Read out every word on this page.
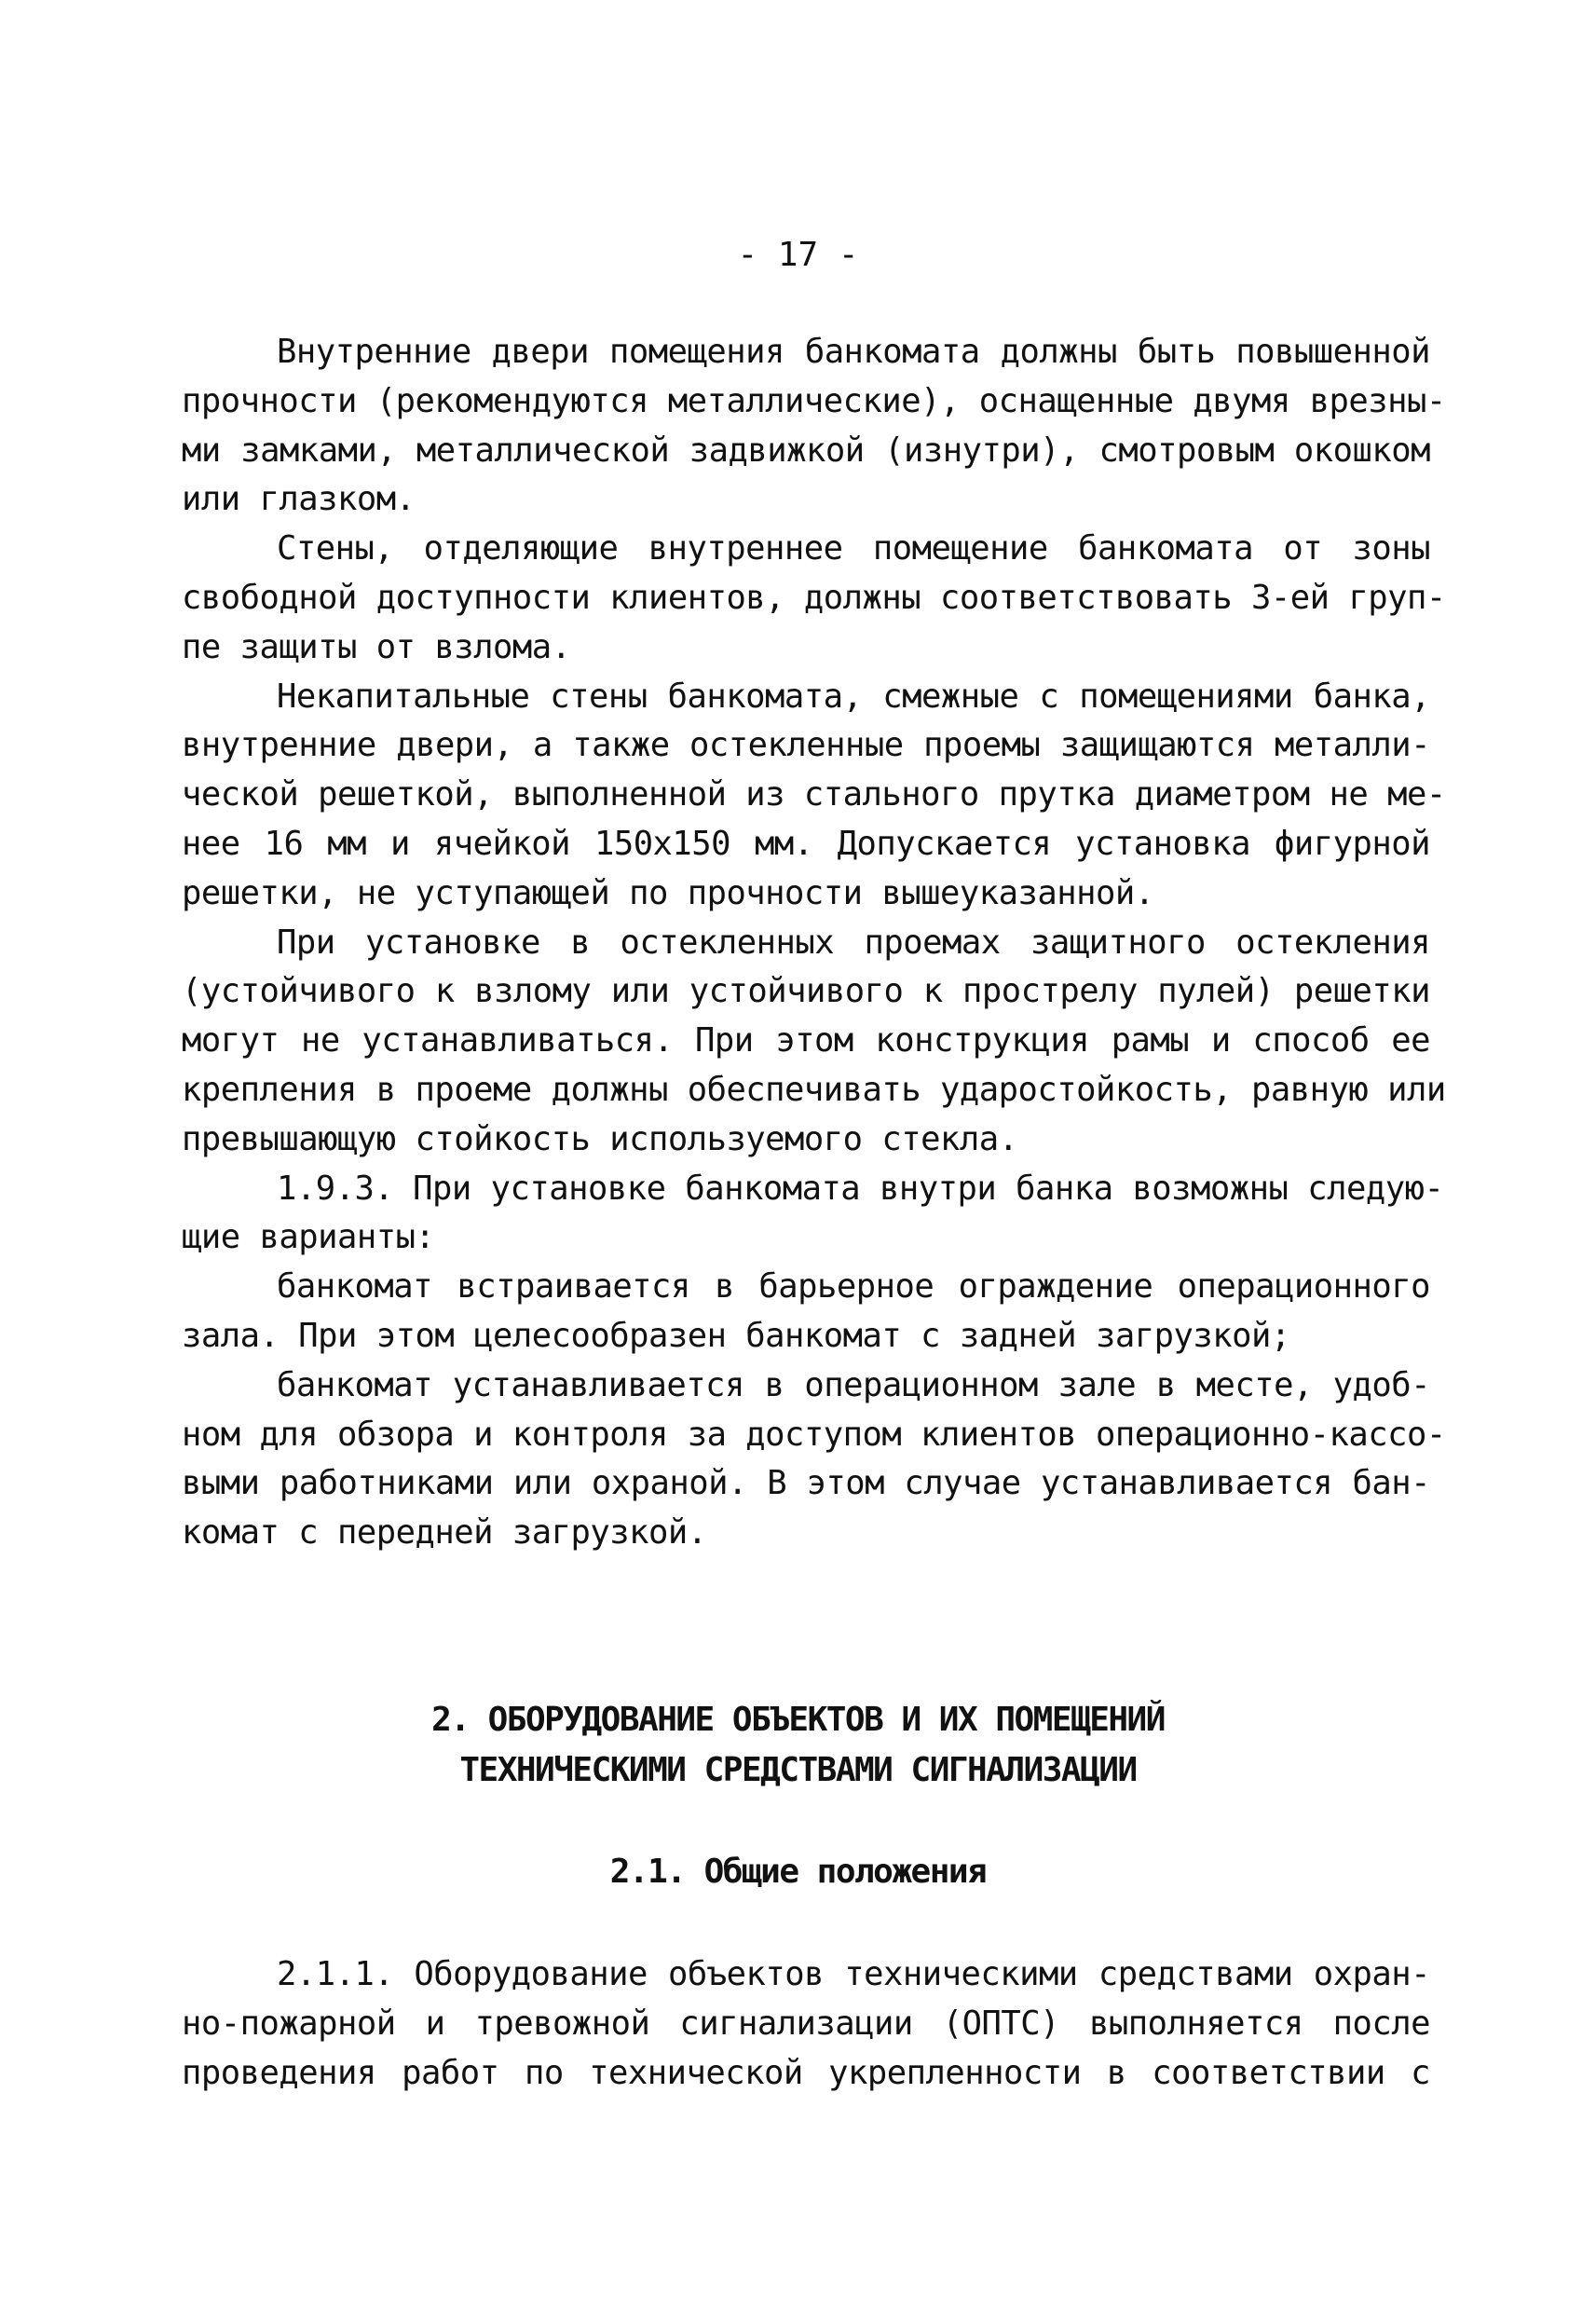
- 17 -
Внутренние двери помещения банкомата должны быть повышенной
прочности (рекомендуются металлические), оснащенные двумя врезны-
ми замками, металлической задвижкой (изнутри), смотровым окошком
или глазком.
Стены, отделяющие внутреннее помещение банкомата от зоны
свободной доступности клиентов, должны соответствовать 3-ей груп-
пе защиты от взлома.
Некапитальные стены банкомата, смежные с помещениями банка,
внутренние двери, а также остекленные проемы защищаются металли-
ческой решеткой, выполненной из стального прутка диаметром не ме-
нее 16 мм и ячейкой 150х150 мм. Допускается установка фигурной
решетки, не уступающей по прочности вышеуказанной.
При установке в остекленных проемах защитного остекления
(устойчивого к взлому или устойчивого к прострелу пулей) решетки
могут не устанавливаться. При этом конструкция рамы и способ ее
крепления в проеме должны обеспечивать ударостойкость, равную или
превышающую стойкость используемого стекла.
1.9.3. При установке банкомата внутри банка возможны следую-
щие варианты:
банкомат встраивается в барьерное ограждение операционного
зала. При этом целесообразен банкомат с задней загрузкой;
банкомат устанавливается в операционном зале в месте, удоб-
ном для обзора и контроля за доступом клиентов операционно-кассо-
выми работниками или охраной. В этом случае устанавливается бан-
комат с передней загрузкой.
2. ОБОРУДОВАНИЕ ОБЪЕКТОВ И ИХ ПОМЕЩЕНИЙ
ТЕХНИЧЕСКИМИ СРЕДСТВАМИ СИГНАЛИЗАЦИИ
2.1. Общие положения
2.1.1. Оборудование объектов техническими средствами охран-
но-пожарной и тревожной сигнализации (ОПТС) выполняется после
проведения работ по технической укрепленности в соответствии с
